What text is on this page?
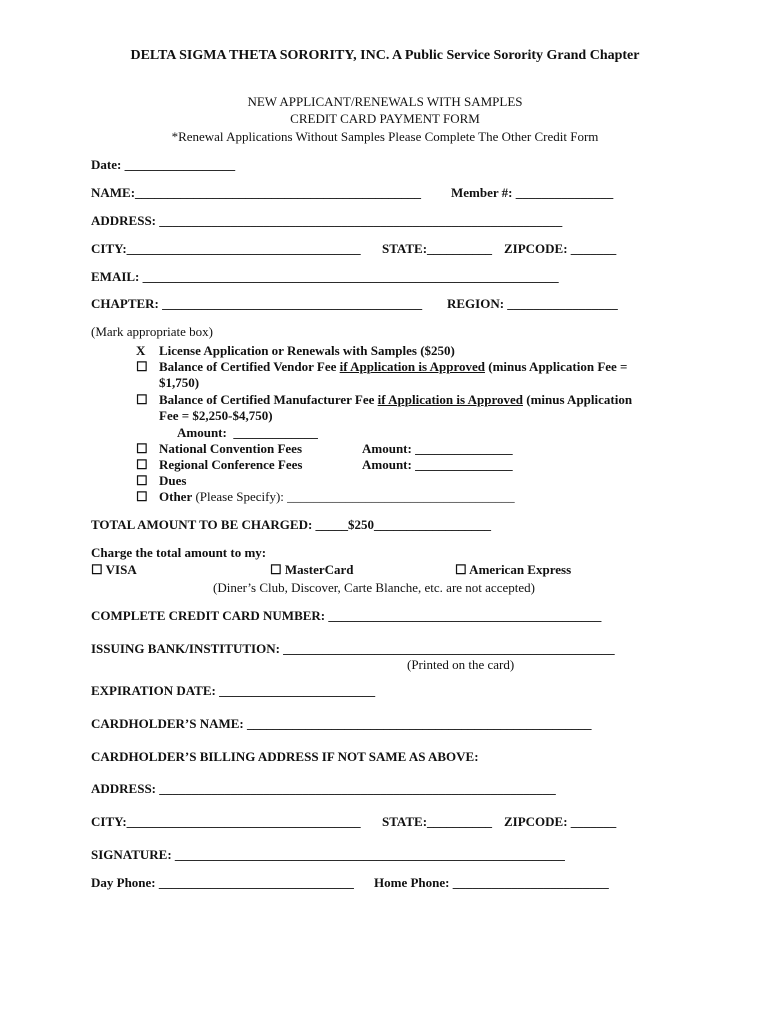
DELTA SIGMA THETA SORORITY, INC. A Public Service Sorority Grand Chapter
NEW APPLICANT/RENEWALS WITH SAMPLES
CREDIT CARD PAYMENT FORM
*Renewal Applications Without Samples Please Complete The Other Credit Form
Date: _________________
NAME:____________________________________________ Member #: _______________
ADDRESS: ______________________________________________________________
CITY:____________________________________ STATE:__________ ZIPCODE: _______
EMAIL: ________________________________________________________________
CHAPTER: ________________________________________ REGION: _________________
(Mark appropriate box)
X License Application or Renewals with Samples ($250)
☐ Balance of Certified Vendor Fee if Application is Approved (minus Application Fee =
$1,750)
☐ Balance of Certified Manufacturer Fee if Application is Approved (minus Application
Fee = $2,250-$4,750)
Amount:  _____________
☐ National Convention Fees	Amount: _______________
☐ Regional Conference Fees	Amount: _______________
☐ Dues
☐ Other (Please Specify): ___________________________________
TOTAL AMOUNT TO BE CHARGED: _____$250__________________
Charge the total amount to my:
☐ VISA	☐ MasterCard	☐ American Express
(Diner’s Club, Discover, Carte Blanche, etc. are not accepted)
COMPLETE CREDIT CARD NUMBER: __________________________________________
ISSUING BANK/INSTITUTION: ___________________________________________________
(Printed on the card)
EXPIRATION DATE: ________________________
CARDHOLDER’S NAME: _____________________________________________________
CARDHOLDER’S BILLING ADDRESS IF NOT SAME AS ABOVE:
ADDRESS: _____________________________________________________________
CITY:____________________________________ STATE:__________ ZIPCODE: _______
SIGNATURE: ____________________________________________________________
Day Phone: ______________________________ Home Phone: ________________________
